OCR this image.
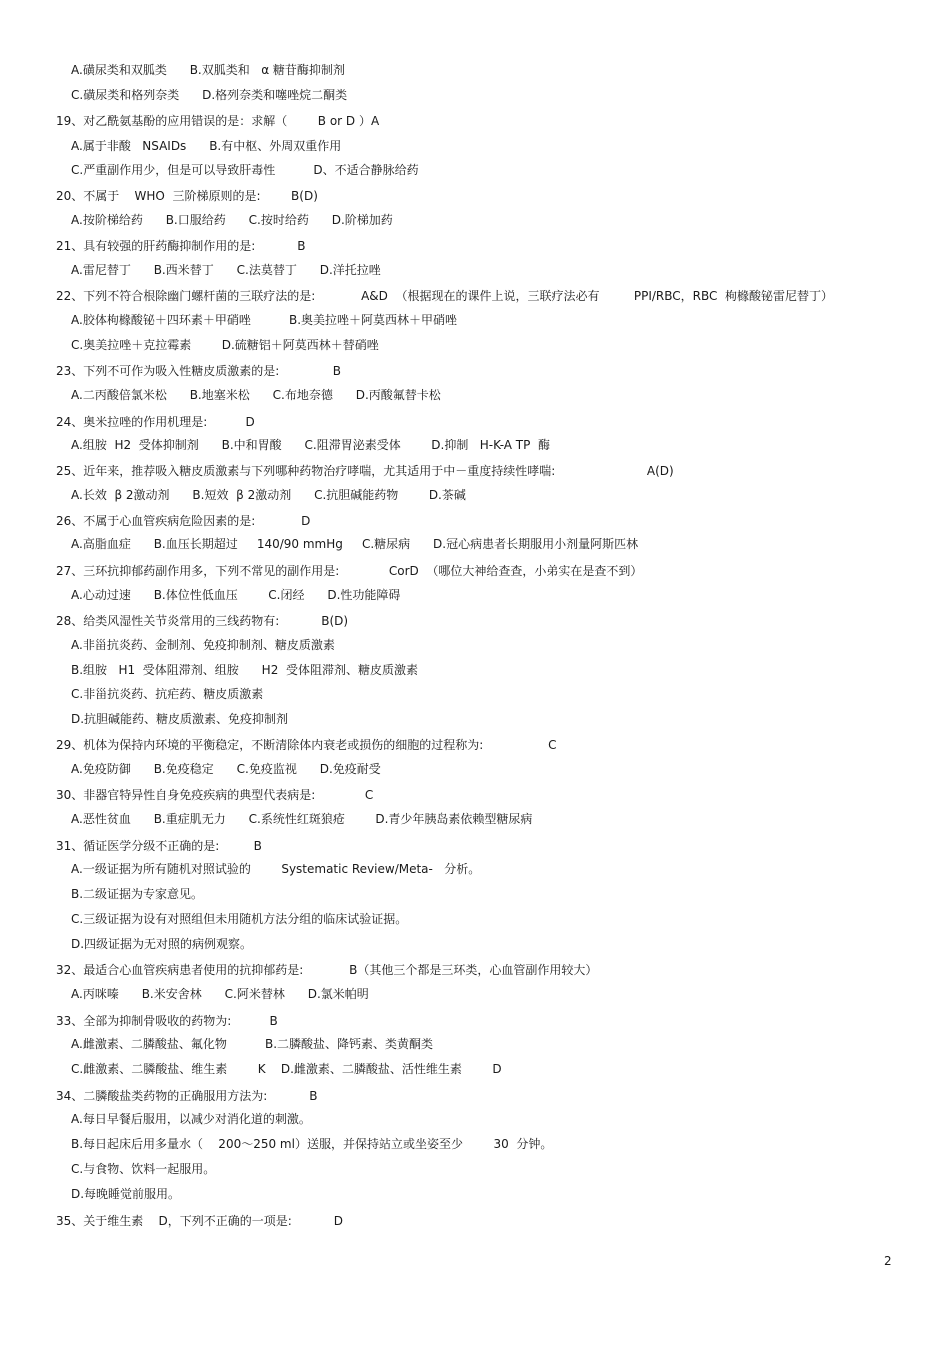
A.磺尿类和双胍类      B.双胍类和   α 糖苷酶抑制剂
C.磺尿类和格列奈类      D.格列奈类和噻唑烷二酮类
19、对乙酰氨基酚的应用错误的是：求解（        B or D ）A
A.属于非酸   NSAIDs      B.有中枢、外周双重作用
C.严重副作用少，但是可以导致肝毒性          D、不适合静脉给药
20、不属于    WHO  三阶梯原则的是:        B(D)
A.按阶梯给药      B.口服给药      C.按时给药      D.阶梯加药
21、具有较强的肝药酶抑制作用的是:           B
A.雷尼替丁      B.西米替丁      C.法莫替丁      D.洋托拉唑
22、下列不符合根除幽门螺杆菌的三联疗法的是:            A&D  （根据现在的课件上说，三联疗法必有         PPI/RBC，RBC  枸橼酸铋雷尼替丁）
A.胶体枸橼酸铋＋四环素＋甲硝唑          B.奥美拉唑＋阿莫西林＋甲硝唑
C.奥美拉唑＋克拉霉素        D.硫糖铝＋阿莫西林＋替硝唑
23、下列不可作为吸入性糖皮质激素的是:              B
A.二丙酸倍氯米松      B.地塞米松      C.布地奈德      D.丙酸氟替卡松
24、奥米拉唑的作用机理是:          D
A.组胺  H2  受体抑制剂      B.中和胃酸      C.阻滞胃泌素受体        D.抑制   H-K-A TP  酶
25、近年来，推荐吸入糖皮质激素与下列哪种药物治疗哮喘，尤其适用于中－重度持续性哮喘:                        A(D)
A.长效  β 2激动剂      B.短效  β 2激动剂      C.抗胆碱能药物        D.茶碱
26、不属于心血管疾病危险因素的是:            D
A.高脂血症      B.血压长期超过     140/90 mmHg     C.糖尿病      D.冠心病患者长期服用小剂量阿斯匹林
27、三环抗抑郁药副作用多，下列不常见的副作用是:             CorD  （哪位大神给查查，小弟实在是查不到）
A.心动过速      B.体位性低血压        C.闭经      D.性功能障碍
28、给类风湿性关节炎常用的三线药物有:           B(D)
A.非甾抗炎药、金制剂、免疫抑制剂、糖皮质激素
B.组胺   H1  受体阻滞剂、组胺      H2  受体阻滞剂、糖皮质激素
C.非甾抗炎药、抗疟药、糖皮质激素
D.抗胆碱能药、糖皮质激素、免疫抑制剂
29、机体为保持内环境的平衡稳定，不断清除体内衰老或损伤的细胞的过程称为:                 C
A.免疫防御      B.免疫稳定      C.免疫监视      D.免疫耐受
30、非器官特异性自身免疫疾病的典型代表病是:             C
A.恶性贫血      B.重症肌无力      C.系统性红斑狼疮        D.青少年胰岛素依赖型糖尿病
31、循证医学分级不正确的是:         B
A.一级证据为所有随机对照试验的        Systematic Review/Meta-   分析。
B.二级证据为专家意见。
C.三级证据为设有对照组但未用随机方法分组的临床试验证据。
D.四级证据为无对照的病例观察。
32、最适合心血管疾病患者使用的抗抑郁药是:            B（其他三个都是三环类，心血管副作用较大）
A.丙咪嗪      B.米安舍林      C.阿米替林      D.氯米帕明
33、全部为抑制骨吸收的药物为:          B
A.雌激素、二膦酸盐、氟化物          B.二膦酸盐、降钙素、类黄酮类
C.雌激素、二膦酸盐、维生素        K    D.雌激素、二膦酸盐、活性维生素        D
34、二膦酸盐类药物的正确服用方法为:           B
A.每日早餐后服用，以减少对消化道的刺激。
B.每日起床后用多量水（    200～250 ml）送服，并保持站立或坐姿至少        30  分钟。
C.与食物、饮料一起服用。
D.每晚睡觉前服用。
35、关于维生素    D，下列不正确的一项是:           D
2
